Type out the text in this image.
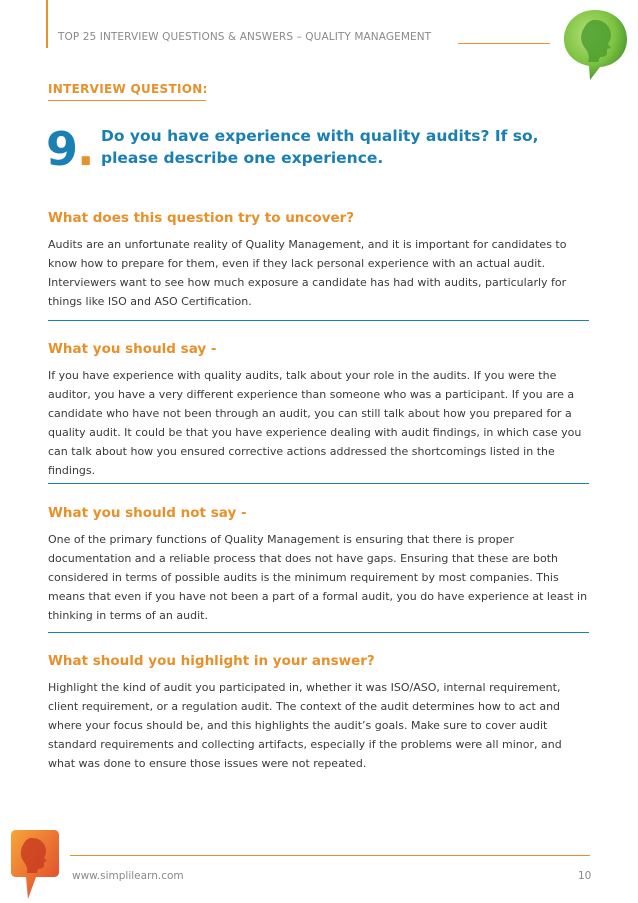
TOP 25 INTERVIEW QUESTIONS & ANSWERS – QUALITY MANAGEMENT
INTERVIEW QUESTION:
9. Do you have experience with quality audits? If so, please describe one experience.
What does this question try to uncover?

Audits are an unfortunate reality of Quality Management, and it is important for candidates to know how to prepare for them, even if they lack personal experience with an actual audit. Interviewers want to see how much exposure a candidate has had with audits, particularly for things like ISO and ASO Certification.

What you should say -

If you have experience with quality audits, talk about your role in the audits. If you were the auditor, you have a very different experience than someone who was a participant. If you are a candidate who have not been through an audit, you can still talk about how you prepared for a quality audit. It could be that you have experience dealing with audit findings, in which case you can talk about how you ensured corrective actions addressed the shortcomings listed in the findings.

What you should not say -

One of the primary functions of Quality Management is ensuring that there is proper documentation and a reliable process that does not have gaps. Ensuring that these are both considered in terms of possible audits is the minimum requirement by most companies. This means that even if you have not been a part of a formal audit, you do have experience at least in thinking in terms of an audit.

What should you highlight in your answer?

Highlight the kind of audit you participated in, whether it was ISO/ASO, internal requirement, client requirement, or a regulation audit. The context of the audit determines how to act and where your focus should be, and this highlights the audit’s goals. Make sure to cover audit standard requirements and collecting artifacts, especially if the problems were all minor, and what was done to ensure those issues were not repeated.

www.simplilearn.com	10
